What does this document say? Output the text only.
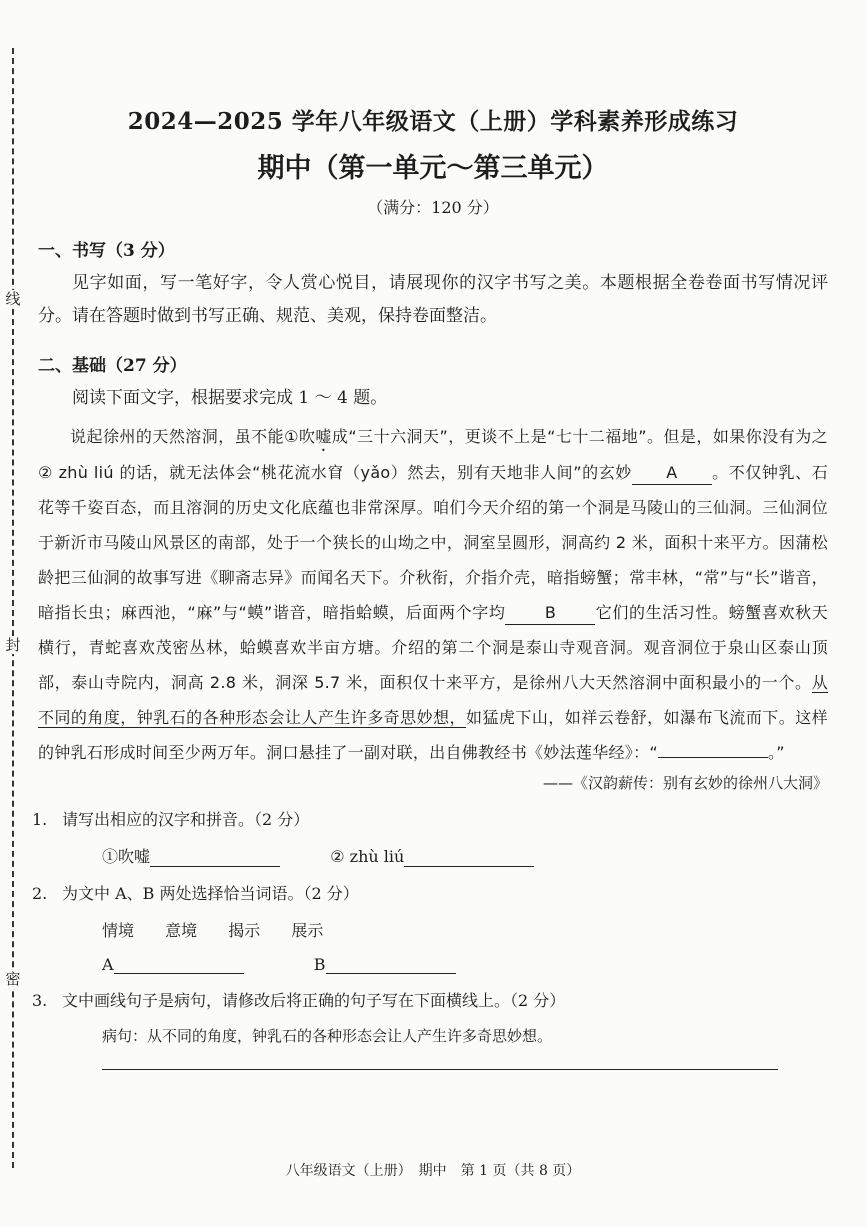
线
封
密
2024—2025 学年八年级语文（上册）学科素养形成练习
期中（第一单元～第三单元）
（满分：120 分）
一、书写（3 分）
见字如面，写一笔好字，令人赏心悦目，请展现你的汉字书写之美。本题根据全卷卷面书写情况评分。请在答题时做到书写正确、规范、美观，保持卷面整洁。
二、基础（27 分）
阅读下面文字，根据要求完成 1 ～ 4 题。
说起徐州的天然溶洞，虽不能①吹嘘成“三十六洞天”，更谈不上是“七十二福地”。但是，如果你没有为之② zhù liú 的话，就无法体会“桃花流水窅（yǎo）然去，别有天地非人间”的玄妙 A 。不仅钟乳、石花等千姿百态，而且溶洞的历史文化底蕴也非常深厚。咱们今天介绍的第一个洞是马陵山的三仙洞。三仙洞位于新沂市马陵山风景区的南部，处于一个狭长的山坳之中，洞室呈圆形，洞高约 2 米，面积十来平方。因蒲松龄把三仙洞的故事写进《聊斋志异》而闻名天下。介秋衔，介指介壳，暗指螃蟹；常丰林，“常”与“长”谐音，暗指长虫；麻西池，“麻”与“蟆”谐音，暗指蛤蟆，后面两个字均 B 它们的生活习性。螃蟹喜欢秋天横行，青蛇喜欢茂密丛林，蛤蟆喜欢半亩方塘。介绍的第二个洞是泰山寺观音洞。观音洞位于泉山区泰山顶部，泰山寺院内，洞高 2.8 米，洞深 5.7 米，面积仅十来平方，是徐州八大天然溶洞中面积最小的一个。从不同的角度，钟乳石的各种形态会让人产生许多奇思妙想，如猛虎下山，如祥云卷舒，如瀑布飞流而下。这样的钟乳石形成时间至少两万年。洞口悬挂了一副对联，出自佛教经书《妙法莲华经》：“	。”
——《汉韵薪传：别有玄妙的徐州八大洞》
1. 请写出相应的汉字和拼音。（2 分）
①吹嘘	② zhù liú
2. 为文中 A、B 两处选择恰当词语。（2 分）
情境 意境 揭示 展示
A	B
3. 文中画线句子是病句，请修改后将正确的句子写在下面横线上。（2 分）
病句：从不同的角度，钟乳石的各种形态会让人产生许多奇思妙想。
八年级语文（上册）　期中　第 1 页（共 8 页）
